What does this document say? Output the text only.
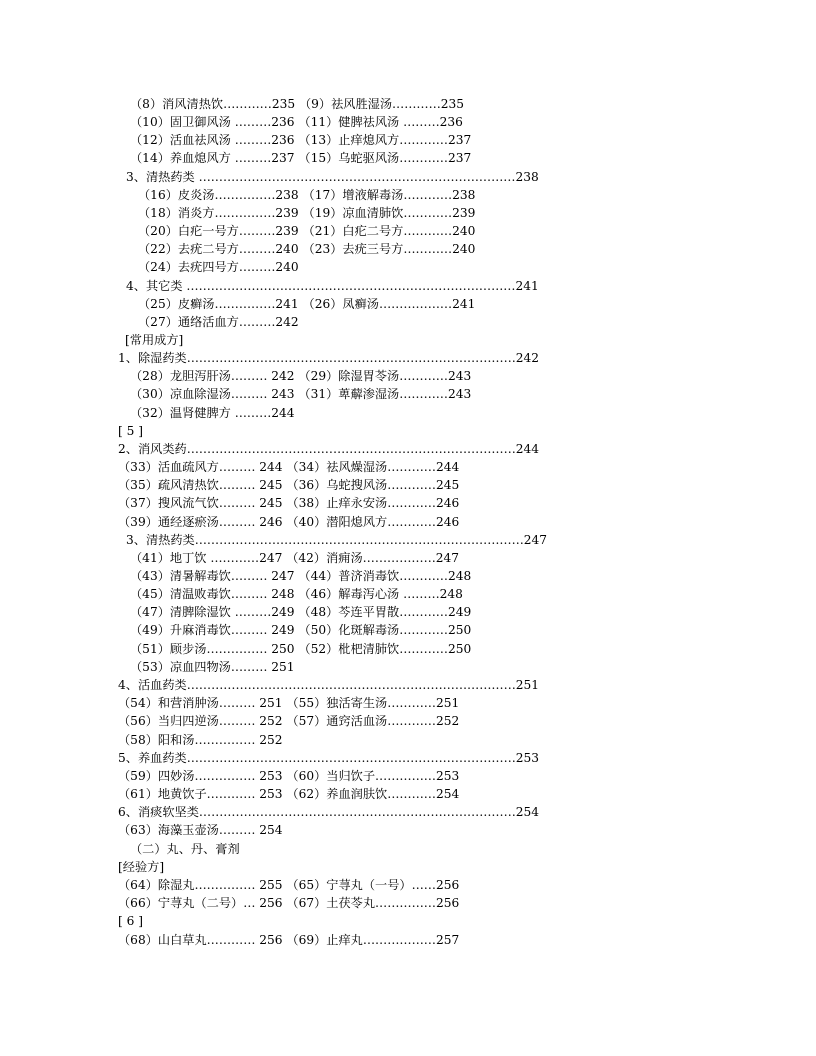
（8）消风清热饮…………235 （9）祛风胜湿汤…………235
（10）固卫御风汤 ………236 （11）健脾祛风汤 ………236
（12）活血祛风汤 ………236 （13）止痒熄风方…………237
（14）养血熄风方 ………237 （15）乌蛇驱风汤…………237
3、清热药类 ……………………………………………………………………238
（16）皮炎汤……………238 （17）增液解毒汤…………238
（18）消炎方……………239 （19）凉血清肺饮…………239
（20）白疕一号方………239 （21）白疕二号方…………240
（22）去疣二号方………240 （23）去疣三号方…………240
（24）去疣四号方………240
4、其它类 ………………………………………………………………………241
（25）皮癣汤……………241 （26）凤癣汤………………241
（27）通络活血方………242
[常用成方]
1、除湿药类………………………………………………………………………242
（28）龙胆泻肝汤……… 242 （29）除湿胃苓汤…………243
（30）凉血除湿汤……… 243 （31）萆薢渗湿汤…………243
（32）温肾健脾方 ………244
[ 5 ]
2、消风类药………………………………………………………………………244
（33）活血疏风方……… 244 （34）祛风燥湿汤…………244
（35）疏风清热饮……… 245 （36）乌蛇搜风汤…………245
（37）搜风流气饮……… 245 （38）止痒永安汤…………246
（39）通经逐瘀汤……… 246 （40）潜阳熄风方…………246
3、清热药类………………………………………………………………………247
（41）地丁饮 …………247 （42）消痈汤………………247
（43）清暑解毒饮……… 247 （44）普济消毒饮…………248
（45）清温败毒饮……… 248 （46）解毒泻心汤 ………248
（47）清脾除湿饮 ………249 （48）芩连平胃散…………249
（49）升麻消毒饮……… 249 （50）化斑解毒汤…………250
（51）顾步汤…………… 250 （52）枇杷清肺饮…………250
（53）凉血四物汤……… 251
4、活血药类………………………………………………………………………251
（54）和营消肿汤……… 251 （55）独活寄生汤…………251
（56）当归四逆汤……… 252 （57）通窍活血汤…………252
（58）阳和汤…………… 252
5、养血药类………………………………………………………………………253
（59）四妙汤…………… 253 （60）当归饮子……………253
（61）地黄饮子………… 253 （62）养血润肤饮…………254
6、消痰软坚类……………………………………………………………………254
（63）海藻玉壶汤……… 254
（二）丸、丹、膏剂
[经验方]
（64）除湿丸…………… 255 （65）宁荨丸（一号）……256
（66）宁荨丸（二号）… 256 （67）土茯苓丸……………256
[ 6 ]
（68）山白草丸………… 256 （69）止痒丸………………257
